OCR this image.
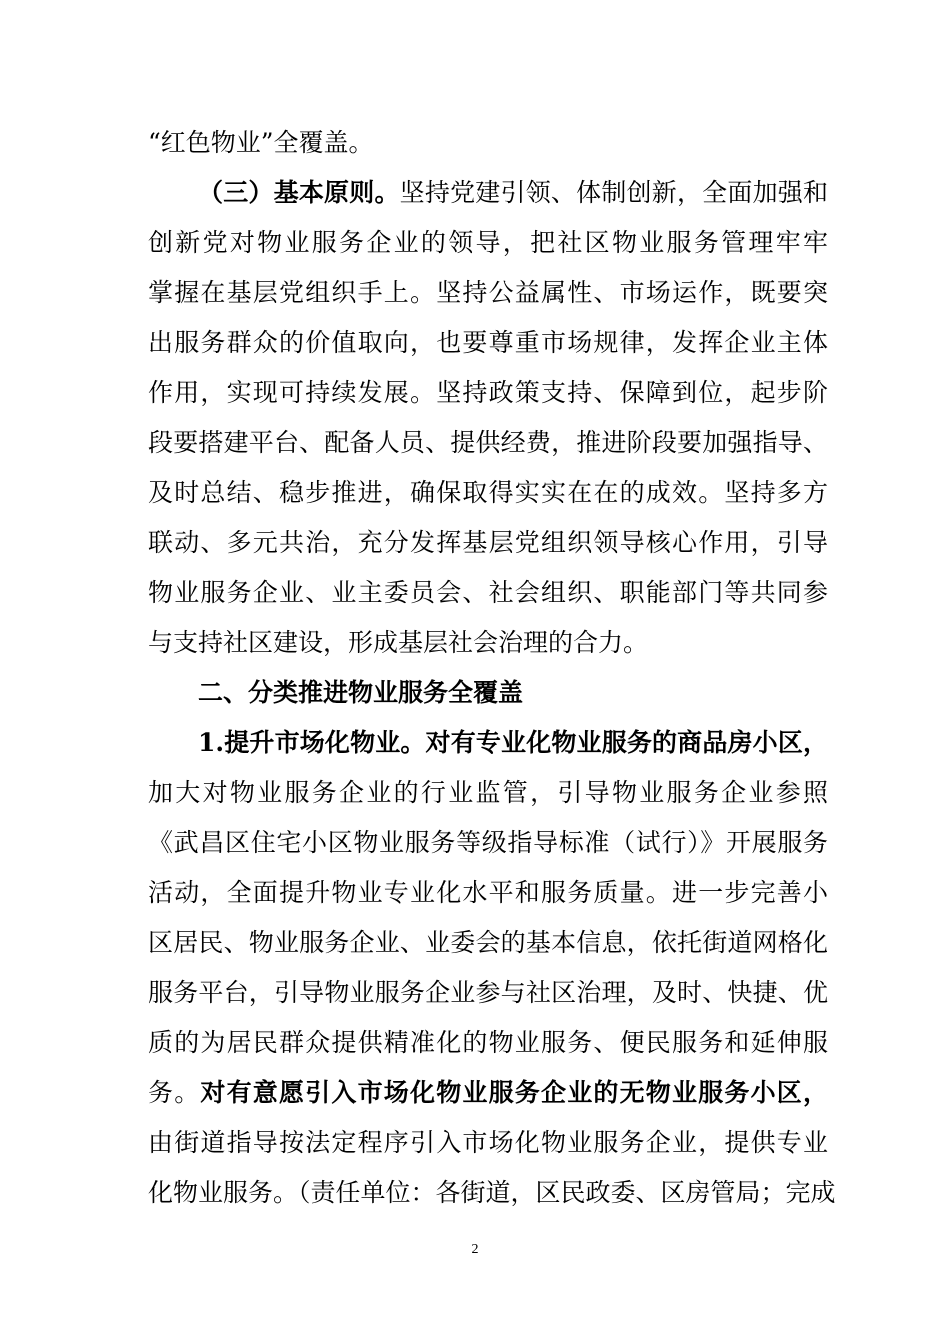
“红色物业”全覆盖。
（三）基本原则。坚持党建引领、体制创新，全面加强和
创新党对物业服务企业的领导，把社区物业服务管理牢牢
掌握在基层党组织手上。坚持公益属性、市场运作，既要突
出服务群众的价值取向，也要尊重市场规律，发挥企业主体
作用，实现可持续发展。坚持政策支持、保障到位，起步阶
段要搭建平台、配备人员、提供经费，推进阶段要加强指导、
及时总结、稳步推进，确保取得实实在在的成效。坚持多方
联动、多元共治，充分发挥基层党组织领导核心作用，引导
物业服务企业、业主委员会、社会组织、职能部门等共同参
与支持社区建设，形成基层社会治理的合力。
二、分类推进物业服务全覆盖
1.提升市场化物业。对有专业化物业服务的商品房小区，
加大对物业服务企业的行业监管，引导物业服务企业参照
《武昌区住宅小区物业服务等级指导标准（试行）》开展服务
活动，全面提升物业专业化水平和服务质量。进一步完善小
区居民、物业服务企业、业委会的基本信息，依托街道网格化
服务平台，引导物业服务企业参与社区治理，及时、快捷、优
质的为居民群众提供精准化的物业服务、便民服务和延伸服
务。对有意愿引入市场化物业服务企业的无物业服务小区，
由街道指导按法定程序引入市场化物业服务企业，提供专业
化物业服务。（责任单位：各街道，区民政委、区房管局；完成
2
